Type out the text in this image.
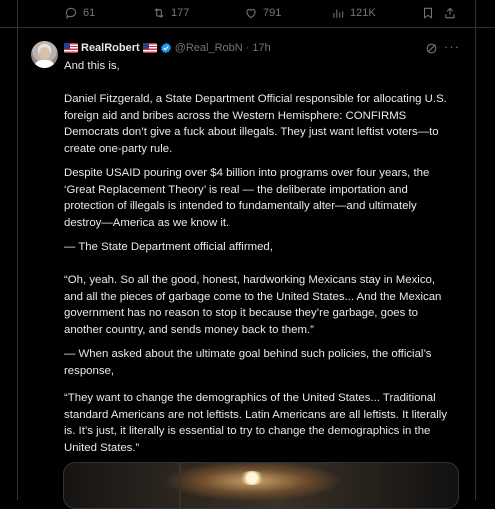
61	177	791	121K
RealRobert	@Real_RobN · 17h	···

And this is,

Daniel Fitzgerald, a State Department Official responsible for allocating U.S. foreign aid and bribes across the Western Hemisphere: CONFIRMS Democrats don’t give a fuck about illegals. They just want leftist voters—to create one-party rule.

Despite USAID pouring over $4 billion into programs over four years, the ‘Great Replacement Theory’ is real — the deliberate importation and protection of illegals is intended to fundamentally alter—and ultimately destroy—America as we know it.

— The State Department official affirmed,

“Oh, yeah. So all the good, honest, hardworking Mexicans stay in Mexico, and all the pieces of garbage come to the United States... And the Mexican government has no reason to stop it because they’re garbage, goes to another country, and sends money back to them.”

— When asked about the ultimate goal behind such policies, the official’s response,

“They want to change the demographics of the United States... Traditional standard Americans are not leftists. Latin Americans are all leftists. It literally is. It’s just, it literally is essential to try to change the demographics in the United States.”
